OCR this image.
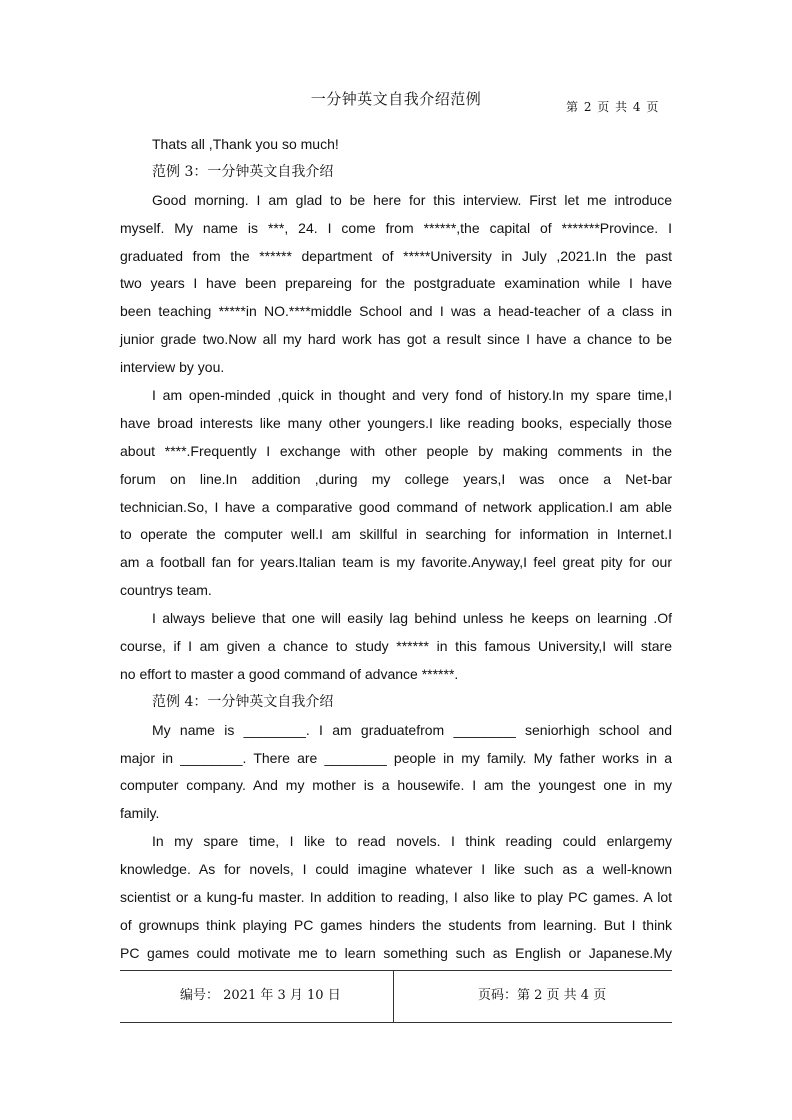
一分钟英文自我介绍范例	第 2 页 共 4 页
Thats all ,Thank you so much!
范例 3：一分钟英文自我介绍
Good morning. I am glad to be here for this interview. First let me introduce
myself. My name is ***, 24. I come from ******,the capital of *******Province. I
graduated from the ****** department of *****University in July ,2021.In the past
two years I have been prepareing for the postgraduate examination while I have
been teaching *****in NO.****middle School and I was a head-teacher of a class in
junior grade two.Now all my hard work has got a result since I have a chance to be
interview by you.
I am open-minded ,quick in thought and very fond of history.In my spare time,I
have broad interests like many other youngers.I like reading books, especially those
about ****.Frequently I exchange with other people by making comments in the
forum on line.In addition ,during my college years,I was once a Net-bar
technician.So, I have a comparative good command of network application.I am able
to operate the computer well.I am skillful in searching for information in Internet.I
am a football fan for years.Italian team is my favorite.Anyway,I feel great pity for our
countrys team.
I always believe that one will easily lag behind unless he keeps on learning .Of
course, if I am given a chance to study ****** in this famous University,I will stare
no effort to master a good command of advance ******.
范例 4：一分钟英文自我介绍
My name is ________. I am graduatefrom ________ seniorhigh school and
major in ________. There are ________ people in my family. My father works in a
computer company. And my mother is a housewife. I am the youngest one in my
family.
In my spare time, I like to read novels. I think reading could enlargemy
knowledge. As for novels, I could imagine whatever I like such as a well-known
scientist or a kung-fu master. In addition to reading, I also like to play PC games. A lot
of grownups think playing PC games hinders the students from learning. But I think
PC games could motivate me to learn something such as English or Japanese.My
编号： 2021 年 3 月 10 日	页码：第 2 页 共 4 页
